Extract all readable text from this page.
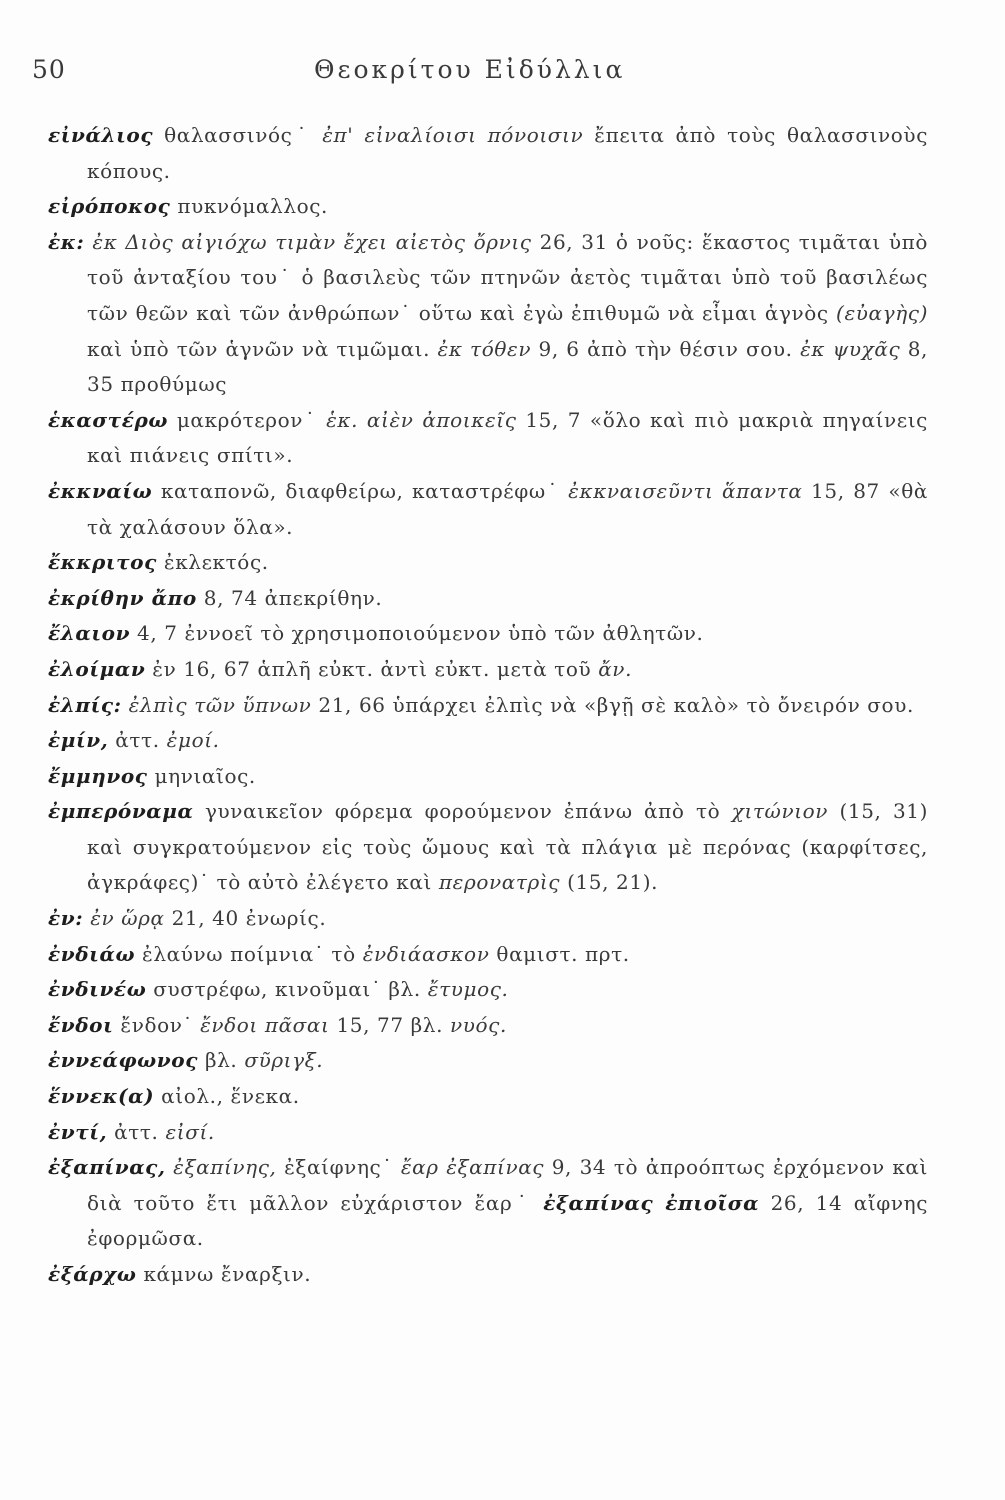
50	Θεοκρίτου Εἰδύλλια
εἰνάλιος θαλασσινός˙ ἐπ' εἰναλίοισι πόνοισιν ἔπειτα ἀπὸ τοὺς θαλασσινοὺς κόπους.
εἰρόποκος πυκνόμαλλος.
ἐκ: ἐκ Διὸς αἰγιόχω τιμὰν ἔχει αἰετὸς ὄρνις 26, 31 ὁ νοῦς: ἕκαστος τιμᾶται ὑπὸ τοῦ ἀνταξίου του˙ ὁ βασιλεὺς τῶν πτηνῶν ἀετὸς τιμᾶται ὑπὸ τοῦ βασιλέως τῶν θεῶν καὶ τῶν ἀνθρώπων˙ οὕτω καὶ ἐγὼ ἐπιθυμῶ νὰ εἶμαι ἁγνὸς (εὐαγὴς) καὶ ὑπὸ τῶν ἁγνῶν νὰ τιμῶμαι. ἐκ τόθεν 9, 6 ἀπὸ τὴν θέσιν σου. ἐκ ψυχᾶς 8, 35 προθύμως
ἑκαστέρω μακρότερον˙ ἑκ. αἰὲν ἀποικεῖς 15, 7 «ὅλο καὶ πιὸ μακριὰ πηγαίνεις καὶ πιάνεις σπίτι».
ἐκκναίω καταπονῶ, διαφθείρω, καταστρέφω˙ ἐκκναισεῦντι ἅπαντα 15, 87 «θὰ τὰ χαλάσουν ὅλα».
ἔκκριτος ἐκλεκτός.
ἐκρίθην ἄπο 8, 74 ἀπεκρίθην.
ἔλαιον 4, 7 ἐννοεῖ τὸ χρησιμοποιούμενον ὑπὸ τῶν ἀθλητῶν.
ἐλοίμαν ἐν 16, 67 ἁπλῆ εὐκτ. ἀντὶ εὐκτ. μετὰ τοῦ ἄν.
ἐλπίς: ἐλπὶς τῶν ὕπνων 21, 66 ὑπάρχει ἐλπὶς νὰ «βγῇ σὲ καλὸ» τὸ ὄνειρόν σου.
ἐμίν, ἀττ. ἐμοί.
ἔμμηνος μηνιαῖος.
ἐμπερόναμα γυναικεῖον φόρεμα φορούμενον ἐπάνω ἀπὸ τὸ χιτώνιον (15, 31) καὶ συγκρατούμενον εἰς τοὺς ὤμους καὶ τὰ πλάγια μὲ περόνας (καρφίτσες, ἀγκράφες)˙ τὸ αὐτὸ ἐλέγετο καὶ περονατρὶς (15, 21).
ἐν: ἐν ὥρᾳ 21, 40 ἐνωρίς.
ἐνδιάω ἐλαύνω ποίμνια˙ τὸ ἐνδιάασκον θαμιστ. πρτ.
ἐνδινέω συστρέφω, κινοῦμαι˙ βλ. ἔτυμος.
ἔνδοι ἔνδον˙ ἔνδοι πᾶσαι 15, 77 βλ. νυός.
ἐννεάφωνος βλ. σῦριγξ.
ἕννεκ(α) αἰολ., ἕνεκα.
ἐντί, ἀττ. εἰσί.
ἐξαπίνας, ἐξαπίνης, ἐξαίφνης˙ ἔαρ ἐξαπίνας 9, 34 τὸ ἀπροόπτως ἐρχόμενον καὶ διὰ τοῦτο ἔτι μᾶλλον εὐχάριστον ἔαρ˙ ἐξαπίνας ἐπιοῖσα 26, 14 αἴφνης ἐφορμῶσα.
ἐξάρχω κάμνω ἔναρξιν.
